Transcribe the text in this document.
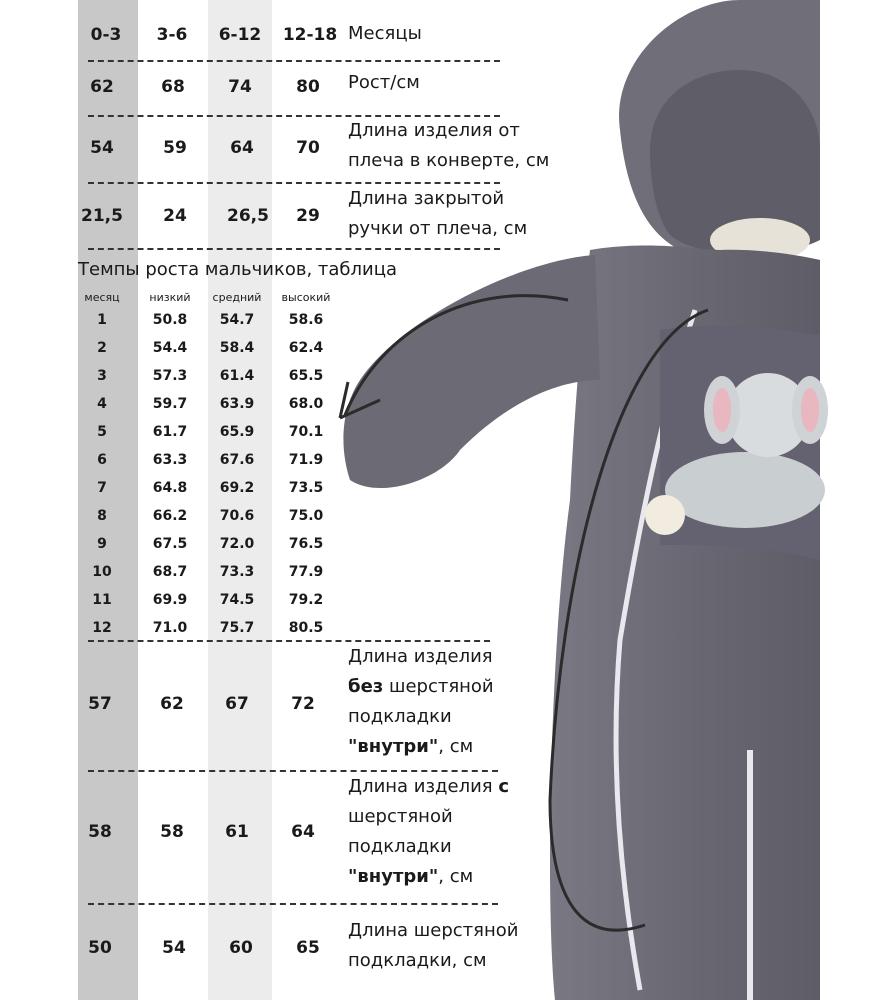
0-3	3-6	6-12	12-18 Месяцы
62	68	74	80	Рост/см
54	59	64	70
Длина изделия от
плеча в конверте, см
21,5	24	26,5	29
Длина закрытой
ручки от плеча, см
Темпы роста мальчиков, таблица
месяц	низкий	средний	высокий
1	50.8	54.7	58.6
2	54.4	58.4	62.4
3	57.3	61.4	65.5
4	59.7	63.9	68.0
5	61.7	65.9	70.1
6	63.3	67.6	71.9
7	64.8	69.2	73.5
8	66.2	70.6	75.0
9	67.5	72.0	76.5
10	68.7	73.3	77.9
11	69.9	74.5	79.2
12	71.0	75.7	80.5
57	62	67	72
Длина изделия
без шерстяной
подкладки
"внутри", см
58	58	61	64
Длина изделия с
шерстяной
подкладки
"внутри", см
50	54	60	65
Длина шерстяной
подкладки, см
